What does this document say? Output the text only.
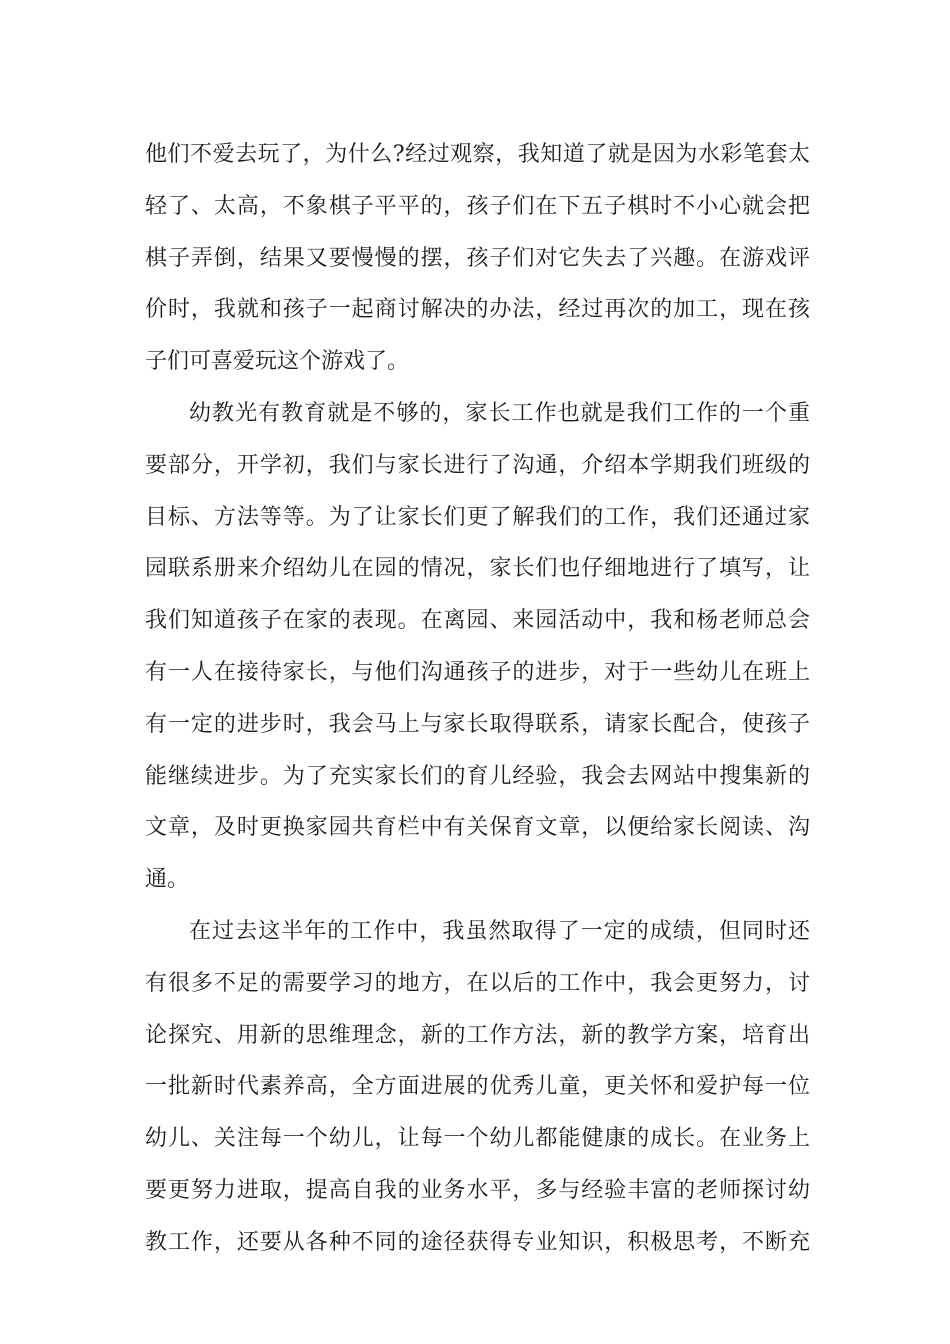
他们不爱去玩了，为什么?经过观察，我知道了就是因为水彩笔套太
轻了、太高，不象棋子平平的，孩子们在下五子棋时不小心就会把
棋子弄倒，结果又要慢慢的摆，孩子们对它失去了兴趣。在游戏评
价时，我就和孩子一起商讨解决的办法，经过再次的加工，现在孩
子们可喜爱玩这个游戏了。
幼教光有教育就是不够的，家长工作也就是我们工作的一个重
要部分，开学初，我们与家长进行了沟通，介绍本学期我们班级的
目标、方法等等。为了让家长们更了解我们的工作，我们还通过家
园联系册来介绍幼儿在园的情况，家长们也仔细地进行了填写，让
我们知道孩子在家的表现。在离园、来园活动中，我和杨老师总会
有一人在接待家长，与他们沟通孩子的进步，对于一些幼儿在班上
有一定的进步时，我会马上与家长取得联系，请家长配合，使孩子
能继续进步。为了充实家长们的育儿经验，我会去网站中搜集新的
文章，及时更换家园共育栏中有关保育文章，以便给家长阅读、沟
通。
在过去这半年的工作中，我虽然取得了一定的成绩，但同时还
有很多不足的需要学习的地方，在以后的工作中，我会更努力，讨
论探究、用新的思维理念，新的工作方法，新的教学方案，培育出
一批新时代素养高，全方面进展的优秀儿童，更关怀和爱护每一位
幼儿、关注每一个幼儿，让每一个幼儿都能健康的成长。在业务上
要更努力进取，提高自我的业务水平，多与经验丰富的老师探讨幼
教工作，还要从各种不同的途径获得专业知识，积极思考，不断充
